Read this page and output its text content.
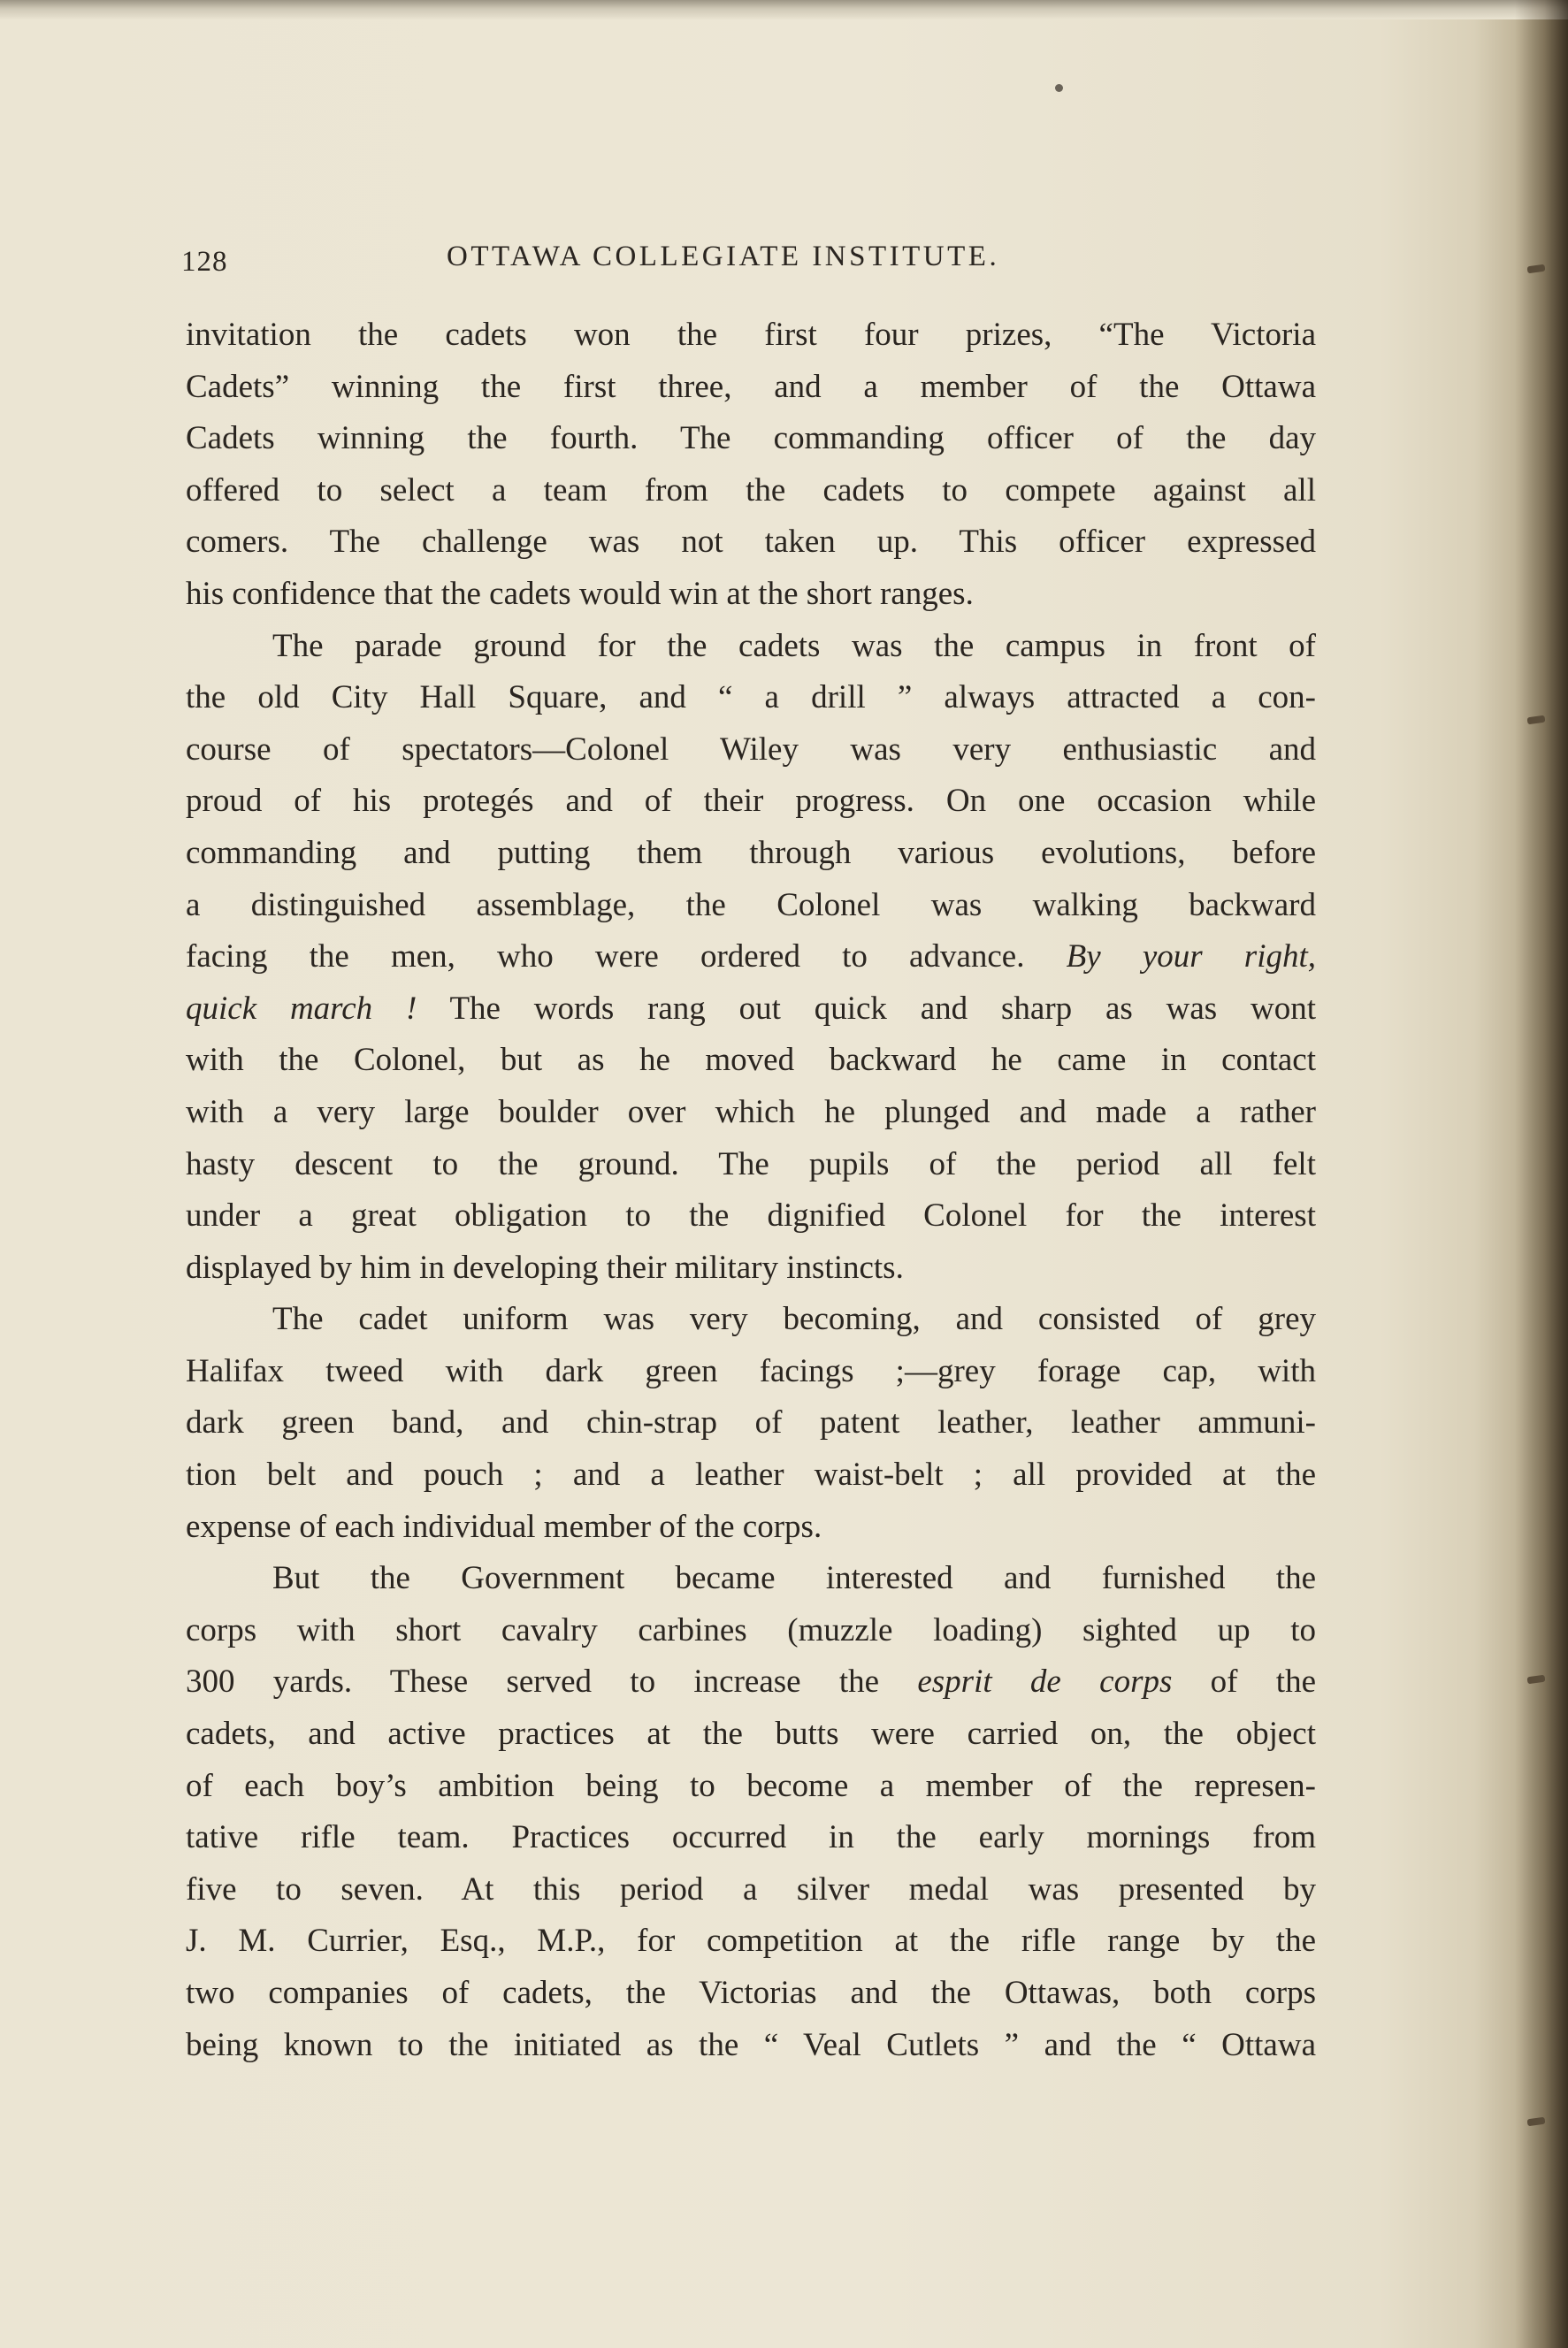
128	OTTAWA COLLEGIATE INSTITUTE.
invitation the cadets won the first four prizes, “The Victoria
Cadets” winning the first three, and a member of the Ottawa
Cadets winning the fourth. The commanding officer of the day
offered to select a team from the cadets to compete against all
comers. The challenge was not taken up. This officer expressed
his confidence that the cadets would win at the short ranges.
The parade ground for the cadets was the campus in front of
the old City Hall Square, and “ a drill ” always attracted a con-
course of spectators—Colonel Wiley was very enthusiastic and
proud of his protegés and of their progress. On one occasion while
commanding and putting them through various evolutions, before
a distinguished assemblage, the Colonel was walking backward
facing the men, who were ordered to advance. By your right,
quick march ! The words rang out quick and sharp as was wont
with the Colonel, but as he moved backward he came in contact
with a very large boulder over which he plunged and made a rather
hasty descent to the ground. The pupils of the period all felt
under a great obligation to the dignified Colonel for the interest
displayed by him in developing their military instincts.
The cadet uniform was very becoming, and consisted of grey
Halifax tweed with dark green facings ;—grey forage cap, with
dark green band, and chin-strap of patent leather, leather ammuni-
tion belt and pouch ; and a leather waist-belt ; all provided at the
expense of each individual member of the corps.
But the Government became interested and furnished the
corps with short cavalry carbines (muzzle loading) sighted up to
300 yards. These served to increase the esprit de corps of the
cadets, and active practices at the butts were carried on, the object
of each boy’s ambition being to become a member of the represen-
tative rifle team. Practices occurred in the early mornings from
five to seven. At this period a silver medal was presented by
J. M. Currier, Esq., M.P., for competition at the rifle range by the
two companies of cadets, the Victorias and the Ottawas, both corps
being known to the initiated as the “ Veal Cutlets ” and the “ Ottawa
